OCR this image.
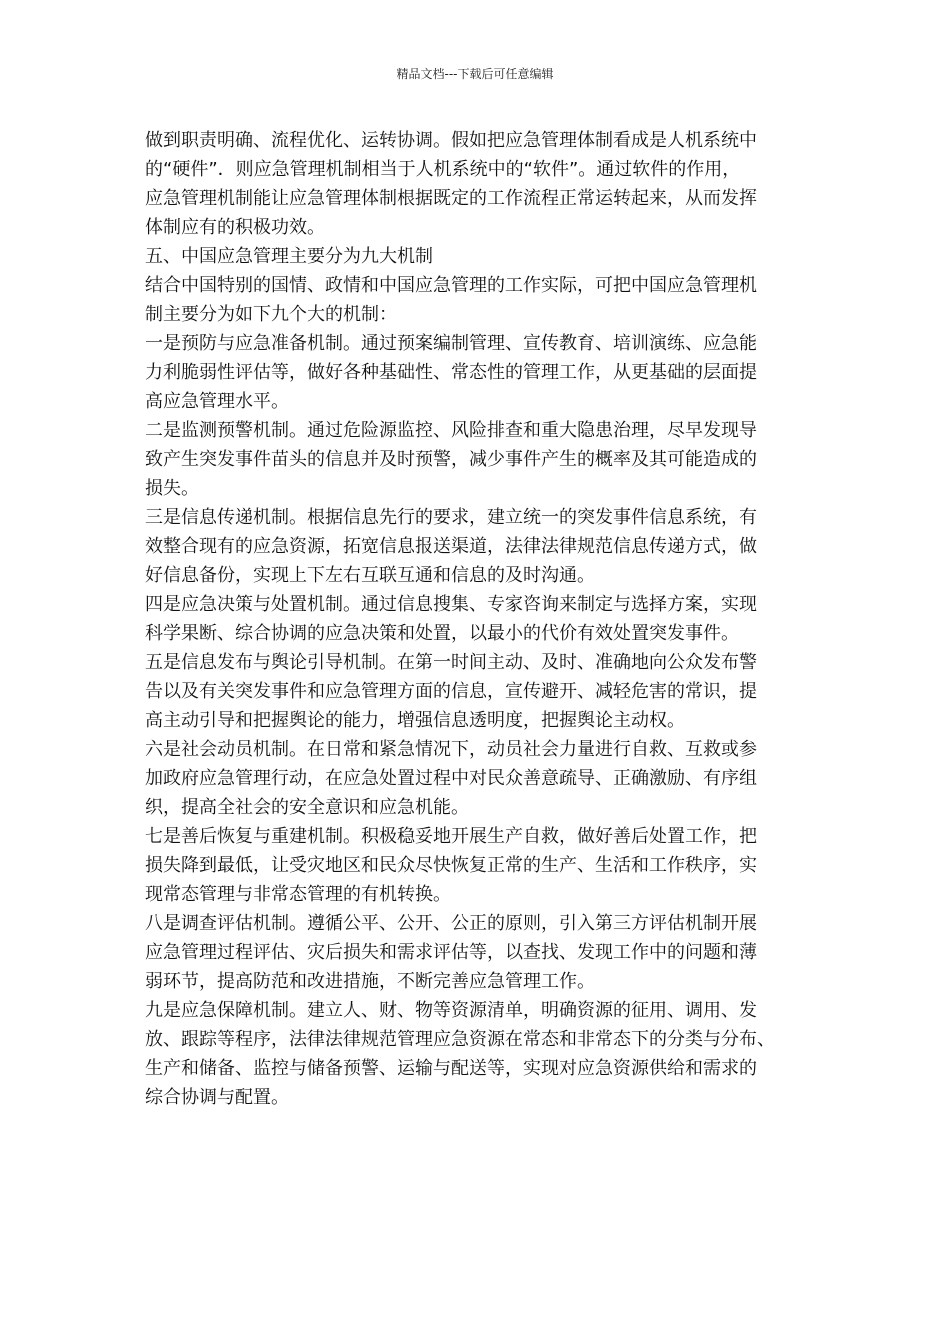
精品文档---下载后可任意编辑

做到职责明确、流程优化、运转协调。假如把应急管理体制看成是人机系统中
的“硬件”．则应急管理机制相当于人机系统中的“软件”。通过软件的作用，
应急管理机制能让应急管理体制根据既定的工作流程正常运转起来，从而发挥
体制应有的积极功效。

五、中国应急管理主要分为九大机制

结合中国特别的国情、政情和中国应急管理的工作实际，可把中国应急管理机
制主要分为如下九个大的机制：

一是预防与应急准备机制。通过预案编制管理、宣传教育、培训演练、应急能
力利脆弱性评估等，做好各种基础性、常态性的管理工作，从更基础的层面提
高应急管理水平。

二是监测预警机制。通过危险源监控、风险排查和重大隐患治理，尽早发现导
致产生突发事件苗头的信息并及时预警，减少事件产生的概率及其可能造成的
损失。

三是信息传递机制。根据信息先行的要求，建立统一的突发事件信息系统，有
效整合现有的应急资源，拓宽信息报送渠道，法律法律规范信息传递方式，做
好信息备份，实现上下左右互联互通和信息的及时沟通。

四是应急决策与处置机制。通过信息搜集、专家咨询来制定与选择方案，实现
科学果断、综合协调的应急决策和处置，以最小的代价有效处置突发事件。

五是信息发布与舆论引导机制。在第一时间主动、及时、准确地向公众发布警
告以及有关突发事件和应急管理方面的信息，宣传避开、减轻危害的常识，提
高主动引导和把握舆论的能力，增强信息透明度，把握舆论主动权。

六是社会动员机制。在日常和紧急情况下，动员社会力量进行自救、互救或参
加政府应急管理行动，在应急处置过程中对民众善意疏导、正确激励、有序组
织，提高全社会的安全意识和应急机能。

七是善后恢复与重建机制。积极稳妥地开展生产自救，做好善后处置工作，把
损失降到最低，让受灾地区和民众尽快恢复正常的生产、生活和工作秩序，实
现常态管理与非常态管理的有机转换。

八是调查评估机制。遵循公平、公开、公正的原则，引入第三方评估机制开展
应急管理过程评估、灾后损失和需求评估等，以查找、发现工作中的问题和薄
弱环节，提高防范和改进措施，不断完善应急管理工作。

九是应急保障机制。建立人、财、物等资源清单，明确资源的征用、调用、发
放、跟踪等程序，法律法律规范管理应急资源在常态和非常态下的分类与分布、
生产和储备、监控与储备预警、运输与配送等，实现对应急资源供给和需求的
综合协调与配置。
